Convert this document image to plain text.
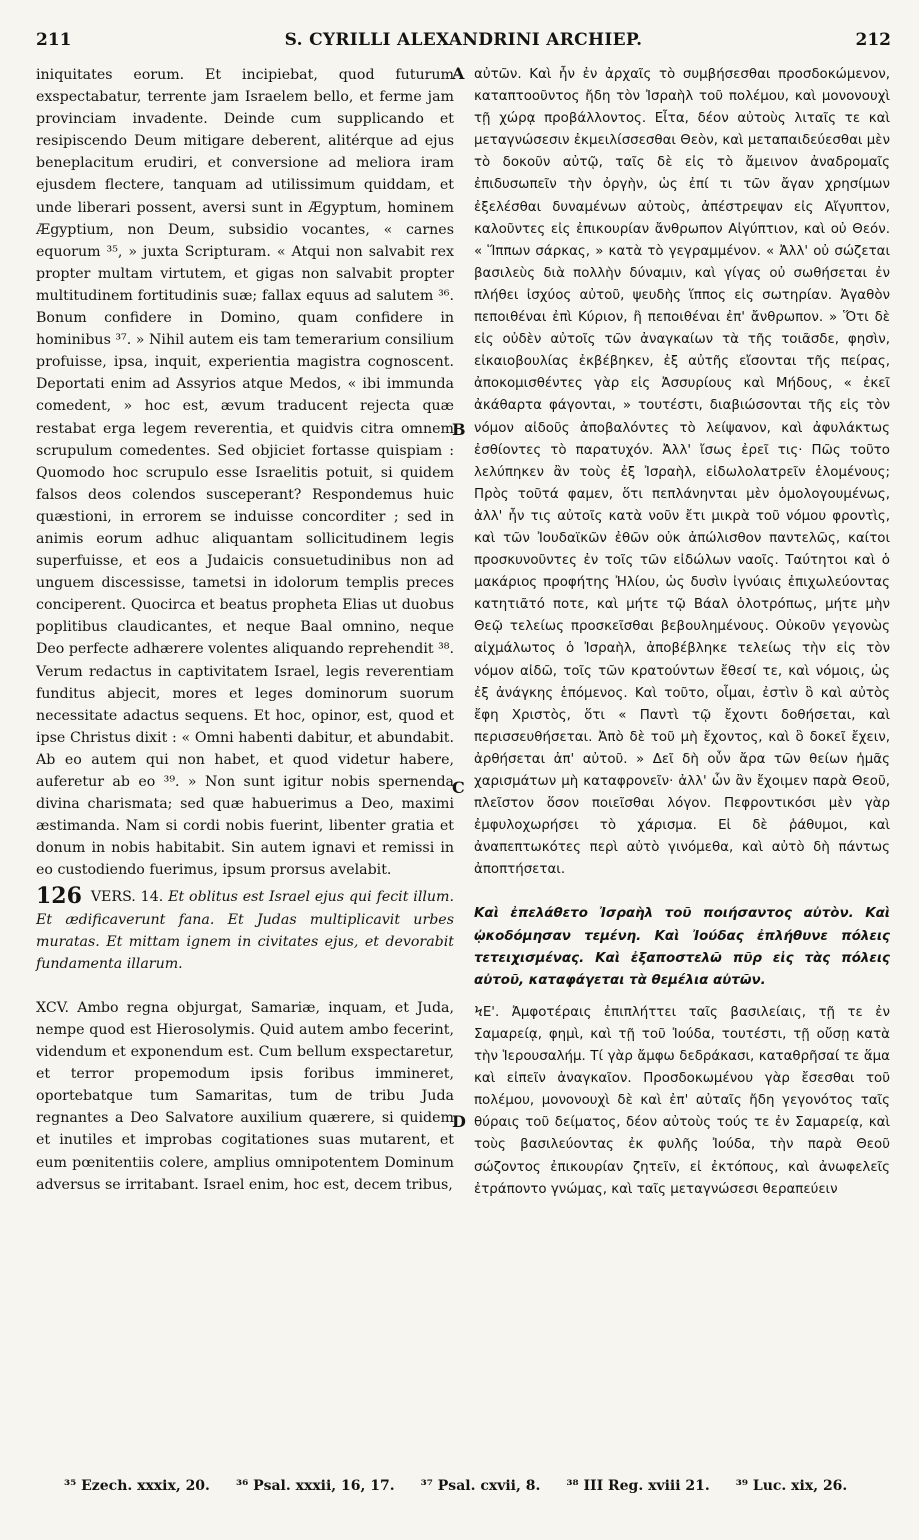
211	S. CYRILLI ALEXANDRINI ARCHIEP.	212
A
B
C
D

iniquitates eorum. Et incipiebat, quod futurum exspectabatur, terrente jam Israelem bello, et ferme jam provinciam invadente. Deinde cum supplicando et resipiscendo Deum mitigare deberent, alitérque ad ejus beneplacitum erudiri, et conversione ad meliora iram ejusdem flectere, tanquam ad utilissimum quiddam, et unde liberari possent, aversi sunt in Ægyptum, hominem Ægyptium, non Deum, subsidio vocantes, « carnes equorum ³⁵, » juxta Scripturam. « Atqui non salvabit rex propter multam virtutem, et gigas non salvabit propter multitudinem fortitudinis suæ; fallax equus ad salutem ³⁶. Bonum confidere in Domino, quam confidere in hominibus ³⁷. » Nihil autem eis tam temerarium consilium profuisse, ipsa, inquit, experientia magistra cognoscent. Deportati enim ad Assyrios atque Medos, « ibi immunda comedent, » hoc est, ævum traducent rejecta quæ restabat erga legem reverentia, et quidvis citra omnem scrupulum comedentes. Sed objiciet fortasse quispiam : Quomodo hoc scrupulo esse Israelitis potuit, si quidem falsos deos colendos susceperant? Respondemus huic quæstioni, in errorem se induisse concorditer ; sed in animis eorum adhuc aliquantam sollicitudinem legis superfuisse, et eos a Judaicis consuetudinibus non ad unguem discessisse, tametsi in idolorum templis preces conciperent. Quocirca et beatus propheta Elias ut duobus poplitibus claudicantes, et neque Baal omnino, neque Deo perfecte adhærere volentes aliquando reprehendit ³⁸. Verum redactus in captivitatem Israel, legis reverentiam funditus abjecit, mores et leges dominorum suorum necessitate adactus sequens. Et hoc, opinor, est, quod et ipse Christus dixit : « Omni habenti dabitur, et abundabit. Ab eo autem qui non habet, et quod videtur habere, auferetur ab eo ³⁹. » Non sunt igitur nobis spernenda divina charismata; sed quæ habuerimus a Deo, maximi æstimanda. Nam si cordi nobis fuerint, libenter gratia et donum in nobis habitabit. Sin autem ignavi et remissi in eo custodiendo fuerimus, ipsum prorsus avelabit.

126 VERS. 14. Et oblitus est Israel ejus qui fecit illum. Et ædificaverunt fana. Et Judas multiplicavit urbes muratas. Et mittam ignem in civitates ejus, et devorabit fundamenta illarum.

XCV. Ambo regna objurgat, Samariæ, inquam, et Juda, nempe quod est Hierosolymis. Quid autem ambo fecerint, videndum et exponendum est. Cum bellum exspectaretur, et terror propemodum ipsis foribus immineret, oportebatque tum Samaritas, tum de tribu Juda regnantes a Deo Salvatore auxilium quærere, si quidem et inutiles et improbas cogitationes suas mutarent, et eum pœnitentiis colere, amplius omnipotentem Dominum adversus se irritabant. Israel enim, hoc est, decem tribus,

αὐτῶν. Καὶ ἦν ἐν ἀρχαῖς τὸ συμβήσεσθαι προσδοκώμενον, καταπτοοῦντος ἤδη τὸν Ἰσραὴλ τοῦ πολέμου, καὶ μονονουχὶ τῇ χώρᾳ προβάλλοντος. Εἶτα, δέον αὐτοὺς λιταῖς τε καὶ μεταγνώσεσιν ἐκμειλίσσεσθαι Θεὸν, καὶ μεταπαιδεύεσθαι μὲν τὸ δοκοῦν αὐτῷ, ταῖς δὲ εἰς τὸ ἄμεινον ἀναδρομαῖς ἐπιδυσωπεῖν τὴν ὀργὴν, ὡς ἐπί τι τῶν ἄγαν χρησίμων ἐξελέσθαι δυναμένων αὐτοὺς, ἀπέστρεψαν εἰς Αἴγυπτον, καλοῦντες εἰς ἐπικουρίαν ἄνθρωπον Αἰγύπτιον, καὶ οὐ Θεόν. « Ἵππων σάρκας, » κατὰ τὸ γεγραμμένον. « Ἀλλ' οὐ σώζεται βασιλεὺς διὰ πολλὴν δύναμιν, καὶ γίγας οὐ σωθήσεται ἐν πλήθει ἰσχύος αὐτοῦ, ψευδὴς ἵππος εἰς σωτηρίαν. Ἀγαθὸν πεποιθέναι ἐπὶ Κύριον, ἢ πεποιθέναι ἐπ' ἄνθρωπον. » Ὅτι δὲ εἰς οὐδὲν αὐτοῖς τῶν ἀναγκαίων τὰ τῆς τοιᾶσδε, φησὶν, εἰκαιοβουλίας ἐκβέβηκεν, ἐξ αὐτῆς εἴσονται τῆς πείρας, ἀποκομισθέντες γὰρ εἰς Ἀσσυρίους καὶ Μήδους, « ἐκεῖ ἀκάθαρτα φάγονται, » τουτέστι, διαβιώσονται τῆς εἰς τὸν νόμον αἰδοῦς ἀποβαλόντες τὸ λείψανον, καὶ ἀφυλάκτως ἐσθίοντες τὸ παρατυχόν. Ἀλλ' ἴσως ἐρεῖ τις· Πῶς τοῦτο λελύπηκεν ἂν τοὺς ἐξ Ἰσραὴλ, εἰδωλολατρεῖν ἑλομένους; Πρὸς τοῦτά φαμεν, ὅτι πεπλάνηνται μὲν ὁμολογουμένως, ἀλλ' ἦν τις αὐτοῖς κατὰ νοῦν ἔτι μικρὰ τοῦ νόμου φροντὶς, καὶ τῶν Ἰουδαϊκῶν ἐθῶν οὐκ ἀπώλισθον παντελῶς, καίτοι προσκυνοῦντες ἐν τοῖς τῶν εἰδώλων ναοῖς. Ταύτητοι καὶ ὁ μακάριος προφήτης Ἠλίου, ὡς δυσὶν ἰγνύαις ἐπιχωλεύοντας κατητιᾶτό ποτε, καὶ μήτε τῷ Βάαλ ὁλοτρόπως, μήτε μὴν Θεῷ τελείως προσκεῖσθαι βεβουλημένους. Οὐκοῦν γεγονὼς αἰχμάλωτος ὁ Ἰσραὴλ, ἀποβέβληκε τελείως τὴν εἰς τὸν νόμον αἰδῶ, τοῖς τῶν κρατούντων ἔθεσί τε, καὶ νόμοις, ὡς ἐξ ἀνάγκης ἑπόμενος. Καὶ τοῦτο, οἶμαι, ἐστὶν ὃ καὶ αὐτὸς ἔφη Χριστὸς, ὅτι « Παντὶ τῷ ἔχοντι δοθήσεται, καὶ περισσευθήσεται. Ἀπὸ δὲ τοῦ μὴ ἔχοντος, καὶ ὃ δοκεῖ ἔχειν, ἀρθήσεται ἀπ' αὐτοῦ. » Δεῖ δὴ οὖν ἄρα τῶν θείων ἡμᾶς χαρισμάτων μὴ καταφρονεῖν· ἀλλ' ὧν ἂν ἔχοιμεν παρὰ Θεοῦ, πλεῖστον ὅσον ποιεῖσθαι λόγον. Πεφροντικόσι μὲν γὰρ ἐμφυλοχωρήσει τὸ χάρισμα. Εἰ δὲ ῥάθυμοι, καὶ ἀναπεπτωκότες περὶ αὐτὸ γινόμεθα, καὶ αὐτὸ δὴ πάντως ἀποπτήσεται.

Καὶ ἐπελάθετο Ἰσραὴλ τοῦ ποιήσαντος αὐτὸν. Καὶ ᾠκοδόμησαν τεμένη. Καὶ Ἰούδας ἐπλήθυνε πόλεις τετειχισμένας. Καὶ ἐξαποστελῶ πῦρ εἰς τὰς πόλεις αὐτοῦ, καταφάγεται τὰ θεμέλια αὐτῶν.

ϞΕ'. Ἀμφοτέραις ἐπιπλήττει ταῖς βασιλείαις, τῇ τε ἐν Σαμαρείᾳ, φημὶ, καὶ τῇ τοῦ Ἰούδα, τουτέστι, τῇ οὔσῃ κατὰ τὴν Ἱερουσαλήμ. Τί γὰρ ἄμφω δεδράκασι, καταθρῆσαί τε ἅμα καὶ εἰπεῖν ἀναγκαῖον. Προσδοκωμένου γὰρ ἔσεσθαι τοῦ πολέμου, μονονουχὶ δὲ καὶ ἐπ' αὐταῖς ἤδη γεγονότος ταῖς θύραις τοῦ δείματος, δέον αὐτοὺς τούς τε ἐν Σαμαρείᾳ, καὶ τοὺς βασιλεύοντας ἐκ φυλῆς Ἰούδα, τὴν παρὰ Θεοῦ σώζοντος ἐπικουρίαν ζητεῖν, εἰ ἐκτόπους, καὶ ἀνωφελεῖς ἐτράποντο γνώμας, καὶ ταῖς μεταγνώσεσι θεραπεύειν

³⁵ Ezech. xxxix, 20. ³⁶ Psal. xxxii, 16, 17. ³⁷ Psal. cxvii, 8. ³⁸ III Reg. xviii 21. ³⁹ Luc. xix, 26.
